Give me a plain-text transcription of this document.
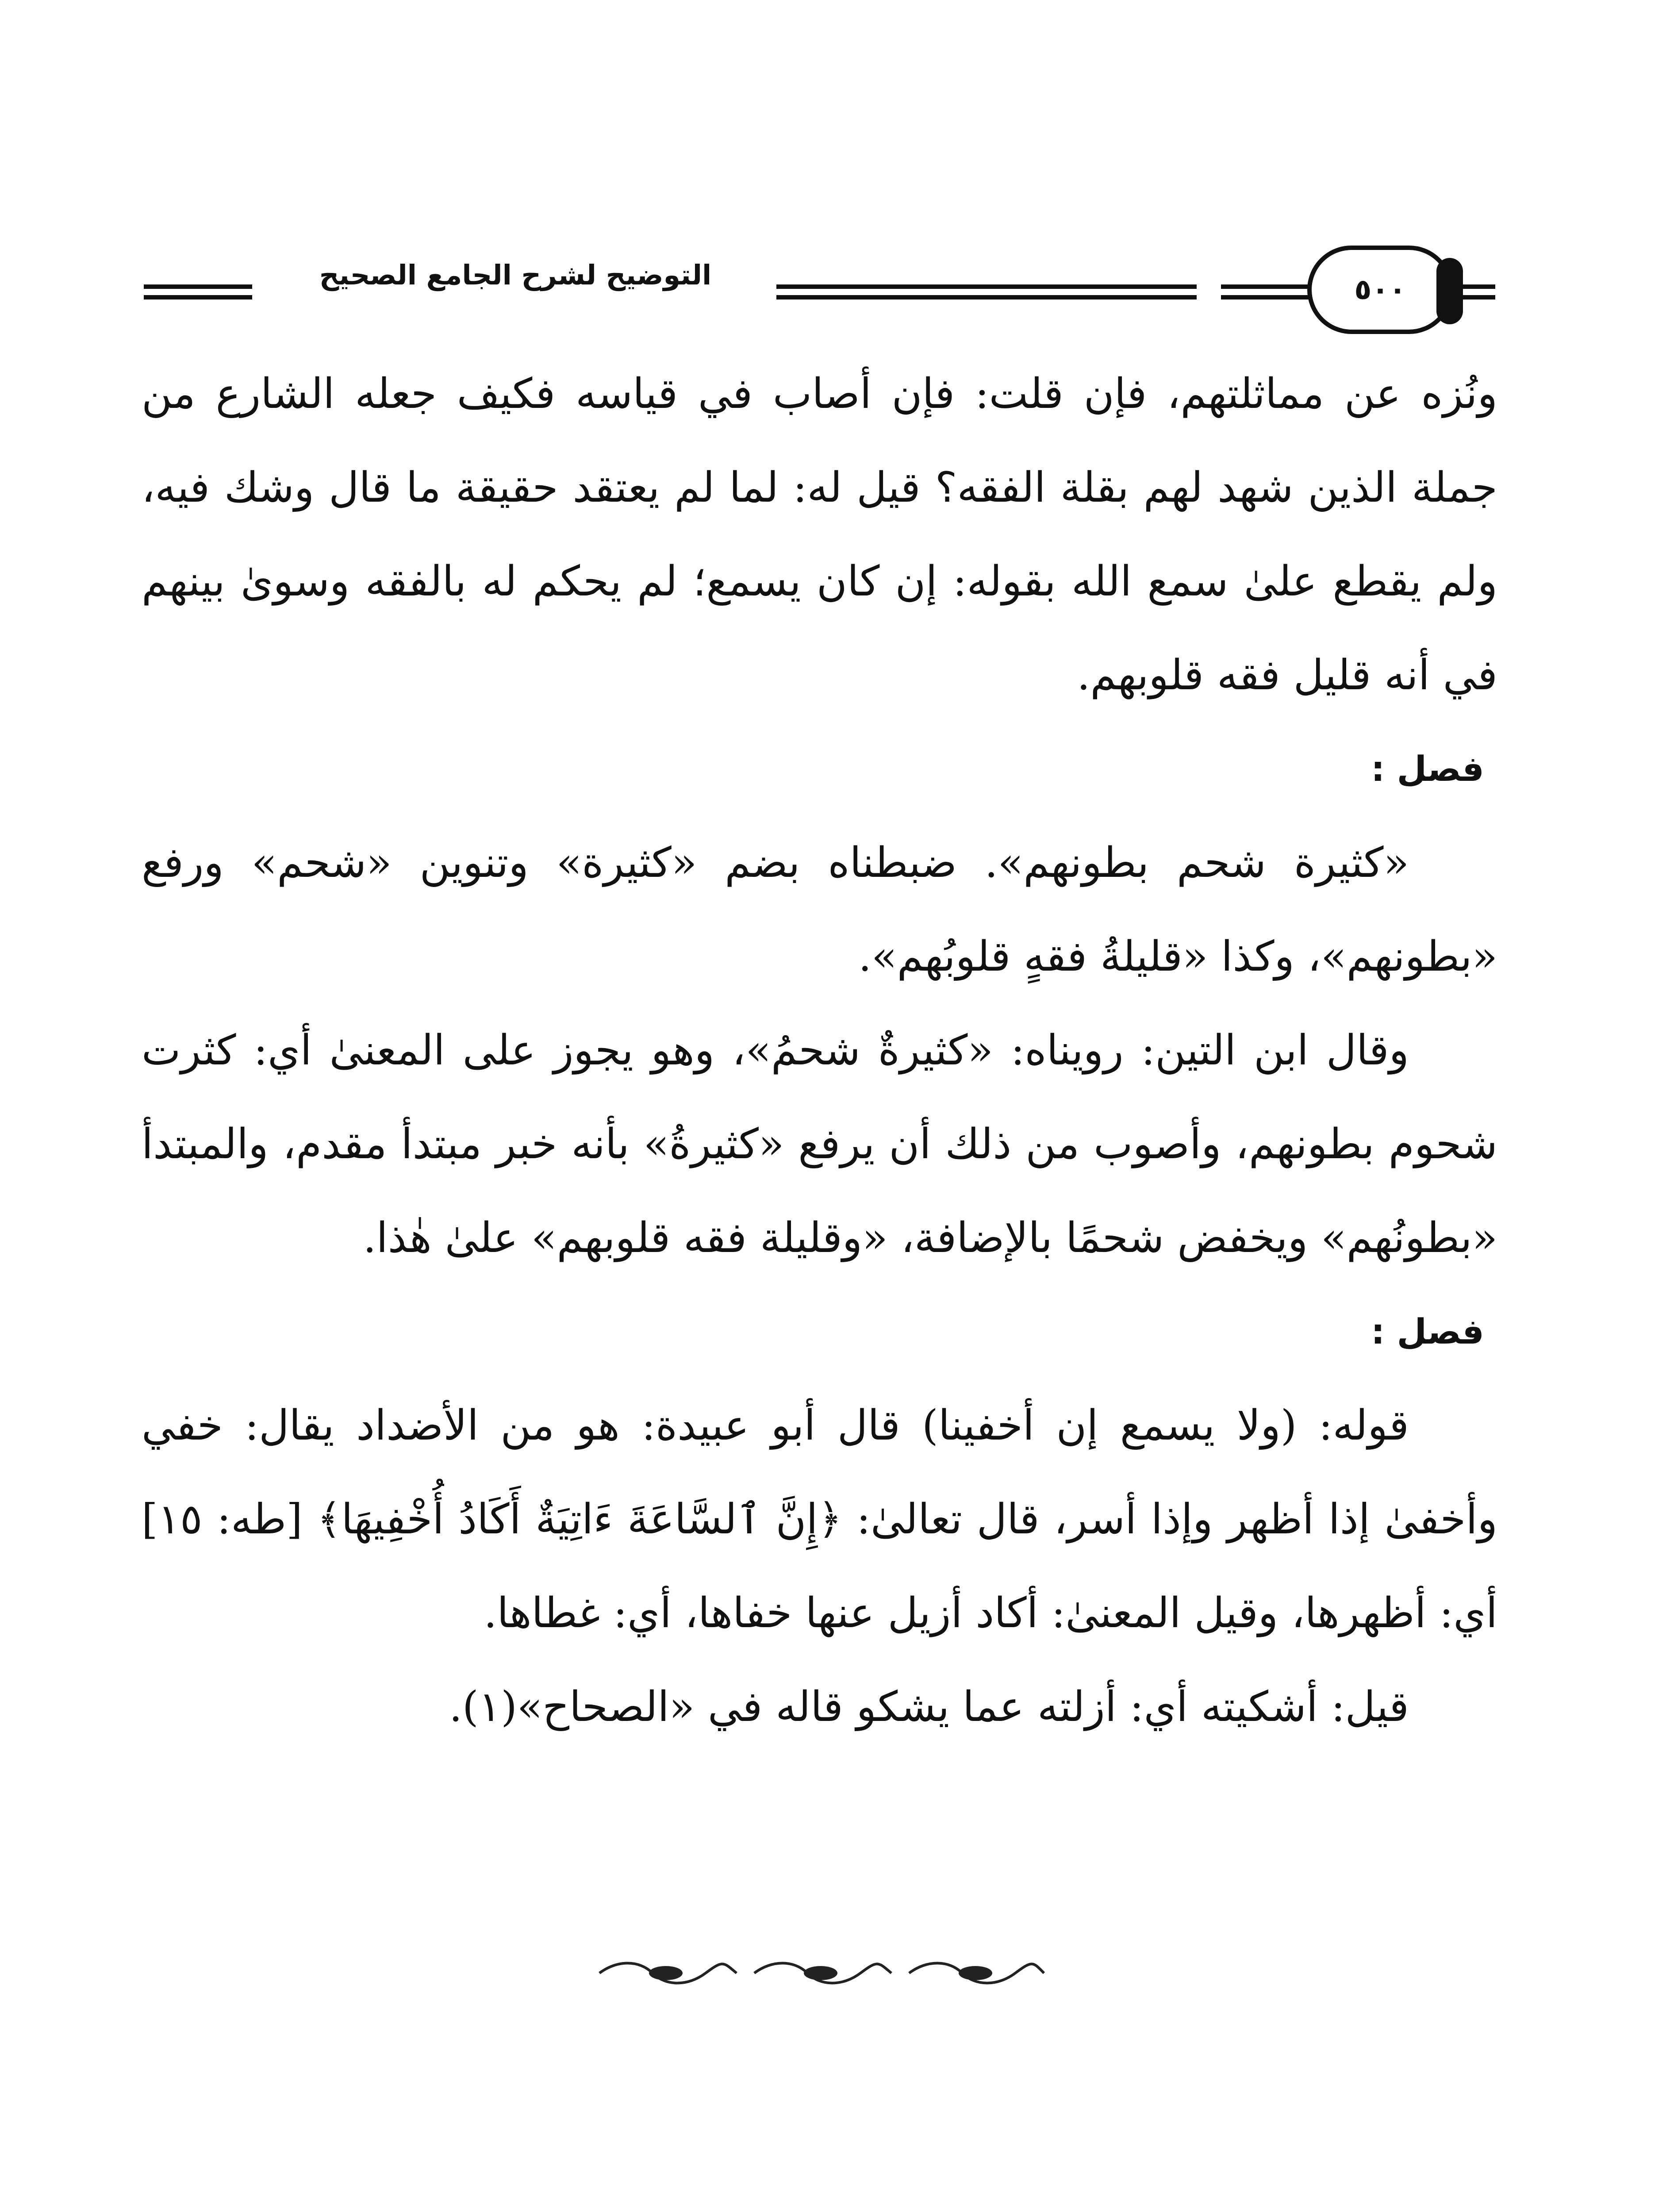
التوضيح لشرح الجامع الصحيح	٥٠٠

ونُزه عن مماثلتهم، فإن قلت: فإن أصاب في قياسه فكيف جعله الشارع من جملة الذين شهد لهم بقلة الفقه؟ قيل له: لما لم يعتقد حقيقة ما قال وشك فيه، ولم يقطع علىٰ سمع الله بقوله: إن كان يسمع؛ لم يحكم له بالفقه وسوىٰ بينهم في أنه قليل فقه قلوبهم.

فصل :

«كثيرة شحم بطونهم». ضبطناه بضم «كثيرة» وتنوين «شحم» ورفع «بطونهم»، وكذا «قليلةُ فقهٍ قلوبُهم».

وقال ابن التين: رويناه: «كثيرةٌ شحمُ»، وهو يجوز على المعنىٰ أي: كثرت شحوم بطونهم، وأصوب من ذلك أن يرفع «كثيرةُ» بأنه خبر مبتدأ مقدم، والمبتدأ «بطونُهم» ويخفض شحمًا بالإضافة، «وقليلة فقه قلوبهم» علىٰ هٰذا.

فصل :

قوله: (ولا يسمع إن أخفينا) قال أبو عبيدة: هو من الأضداد يقال: خفي وأخفىٰ إذا أظهر وإذا أسر، قال تعالىٰ: ﴿إِنَّ ٱلسَّاعَةَ ءَاتِيَةٌ أَكَادُ أُخْفِيهَا﴾ [طه: ١٥] أي: أظهرها، وقيل المعنىٰ: أكاد أزيل عنها خفاها، أي: غطاها.

قيل: أشكيته أي: أزلته عما يشكو قاله في «الصحاح»(١).
